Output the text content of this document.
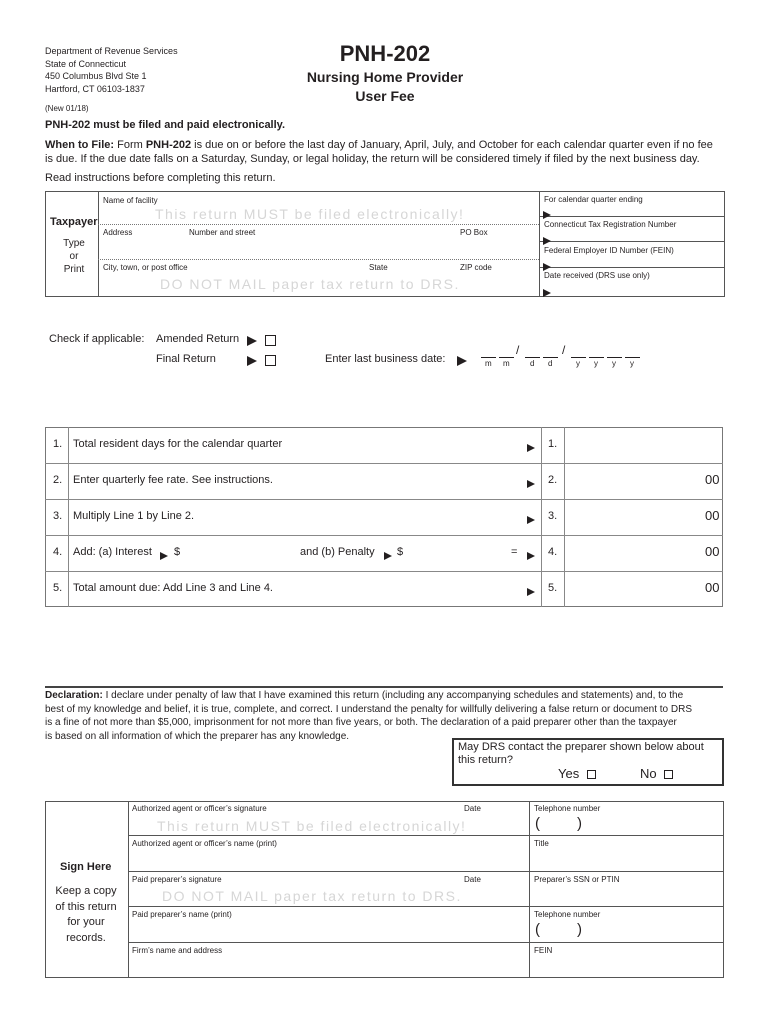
Department of Revenue Services
State of Connecticut
450 Columbus Blvd Ste 1
Hartford, CT 06103-1837
(New 01/18)
PNH-202
Nursing Home Provider
User Fee
PNH-202 must be filed and paid electronically.
When to File: Form PNH-202 is due on or before the last day of January, April, July, and October for each calendar quarter even if no fee
is due. If the due date falls on a Saturday, Sunday, or legal holiday, the return will be considered timely if filed by the next business day.
Read instructions before completing this return.
Taxpayer
Type
or
Print
Name of facility
This return MUST be filed electronically!
Address	Number and street	PO Box
City, town, or post office	State	ZIP code
DO NOT MAIL paper tax return to DRS.
For calendar quarter ending
Connecticut Tax Registration Number
Federal Employer ID Number (FEIN)
Date received (DRS use only)
Check if applicable: Amended Return
Final Return	Enter last business date:
/	/
m m	d d	y y y y
1. Total resident days for the calendar quarter	1.
2. Enter quarterly fee rate. See instructions.	2.	00
3. Multiply Line 1 by Line 2.	3.	00
4. Add: (a) Interest $	and (b) Penalty $	=	4.	00
5. Total amount due: Add Line 3 and Line 4.	5.	00
Declaration: I declare under penalty of law that I have examined this return (including any accompanying schedules and statements) and, to the
best of my knowledge and belief, it is true, complete, and correct. I understand the penalty for willfully delivering a false return or document to DRS
is a fine of not more than $5,000, imprisonment for not more than five years, or both. The declaration of a paid preparer other than the taxpayer
is based on all information of which the preparer has any knowledge.
May DRS contact the preparer shown below about
this return?
Yes	No
Sign Here
Keep a copy
of this return
for your
records.
Authorized agent or officer’s signature	Date	Telephone number
This return MUST be filed electronically!	( )
Authorized agent or officer’s name (print)	Title
Paid preparer’s signature	Date	Preparer’s SSN or PTIN
DO NOT MAIL paper tax return to DRS.
Paid preparer’s name (print)	Telephone number
( )
Firm’s name and address	FEIN
